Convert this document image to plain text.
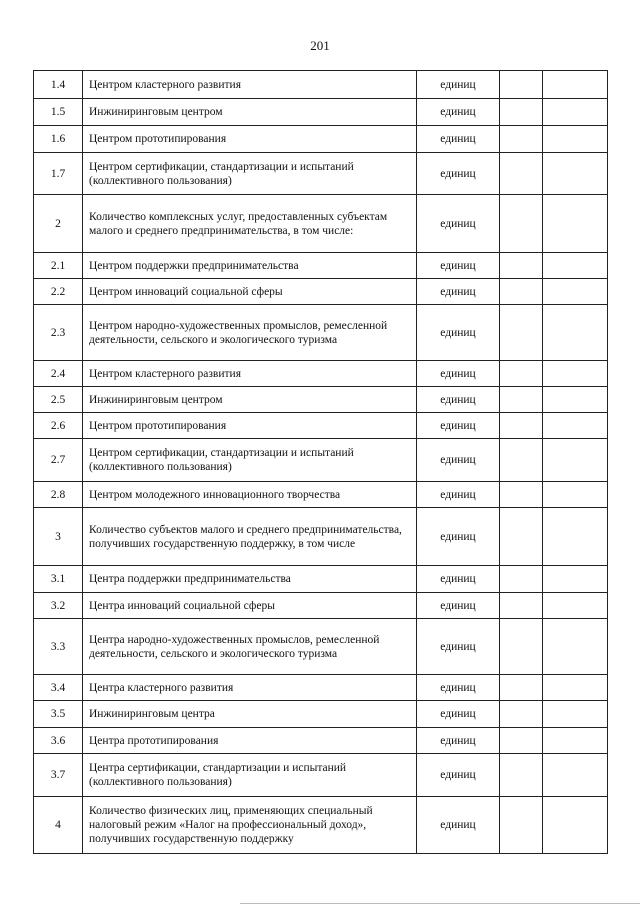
201
1.4	Центром кластерного развития	единиц		
1.5	Инжиниринговым центром	единиц		
1.6	Центром прототипирования	единиц		
1.7	Центром сертификации, стандартизации и испытаний (коллективного пользования)	единиц		
2	Количество комплексных услуг, предоставленных субъектам малого и среднего предпринимательства, в том числе:	единиц		
2.1	Центром поддержки предпринимательства	единиц		
2.2	Центром инноваций социальной сферы	единиц		
2.3	Центром народно-художественных промыслов, ремесленной деятельности, сельского и экологического туризма	единиц		
2.4	Центром кластерного развития	единиц		
2.5	Инжиниринговым центром	единиц		
2.6	Центром прототипирования	единиц		
2.7	Центром сертификации, стандартизации и испытаний (коллективного пользования)	единиц		
2.8	Центром молодежного инновационного творчества	единиц		
3	Количество субъектов малого и среднего предпринимательства, получивших государственную поддержку, в том числе	единиц		
3.1	Центра поддержки предпринимательства	единиц		
3.2	Центра инноваций социальной сферы	единиц		
3.3	Центра народно-художественных промыслов, ремесленной деятельности, сельского и экологического туризма	единиц		
3.4	Центра кластерного развития	единиц		
3.5	Инжиниринговым центра	единиц		
3.6	Центра прототипирования	единиц		
3.7	Центра сертификации, стандартизации и испытаний (коллективного пользования)	единиц		
4	Количество физических лиц, применяющих специальный налоговый режим «Налог на профессиональный доход», получивших государственную поддержку	единиц		
